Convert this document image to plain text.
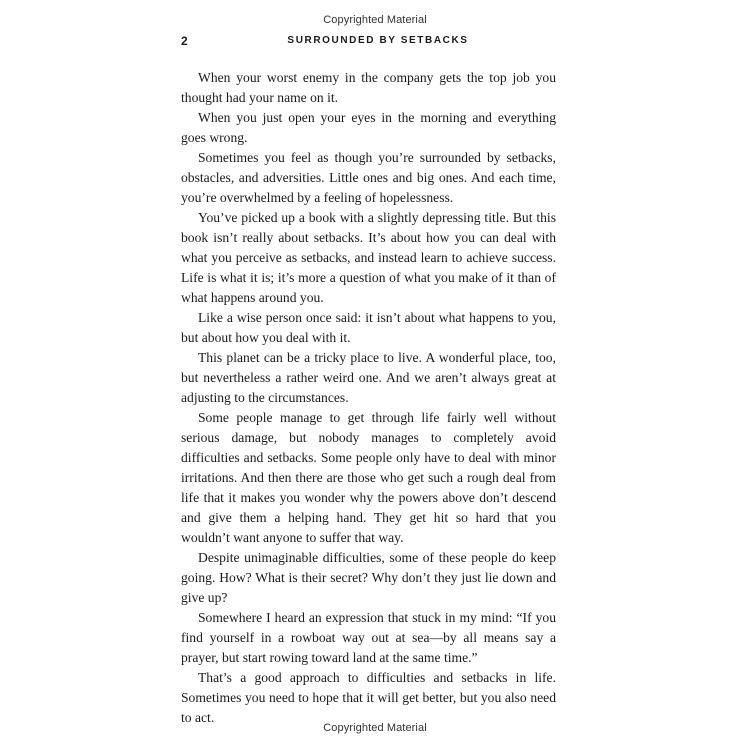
Copyrighted Material
2	SURROUNDED BY SETBACKS

When your worst enemy in the company gets the top job you thought had your name on it.

When you just open your eyes in the morning and everything goes wrong.

Sometimes you feel as though you’re surrounded by setbacks, obstacles, and adversities. Little ones and big ones. And each time, you’re overwhelmed by a feeling of hopelessness.

You’ve picked up a book with a slightly depressing title. But this book isn’t really about setbacks. It’s about how you can deal with what you perceive as setbacks, and instead learn to achieve success. Life is what it is; it’s more a question of what you make of it than of what happens around you.

Like a wise person once said: it isn’t about what happens to you, but about how you deal with it.

This planet can be a tricky place to live. A wonderful place, too, but nevertheless a rather weird one. And we aren’t always great at adjusting to the circumstances.

Some people manage to get through life fairly well without serious damage, but nobody manages to completely avoid difficulties and setbacks. Some people only have to deal with minor irritations. And then there are those who get such a rough deal from life that it makes you wonder why the powers above don’t descend and give them a helping hand. They get hit so hard that you wouldn’t want anyone to suffer that way.

Despite unimaginable difficulties, some of these people do keep going. How? What is their secret? Why don’t they just lie down and give up?

Somewhere I heard an expression that stuck in my mind: “If you find yourself in a rowboat way out at sea—by all means say a prayer, but start rowing toward land at the same time.”

That’s a good approach to difficulties and setbacks in life. Sometimes you need to hope that it will get better, but you also need to act.

Copyrighted Material
